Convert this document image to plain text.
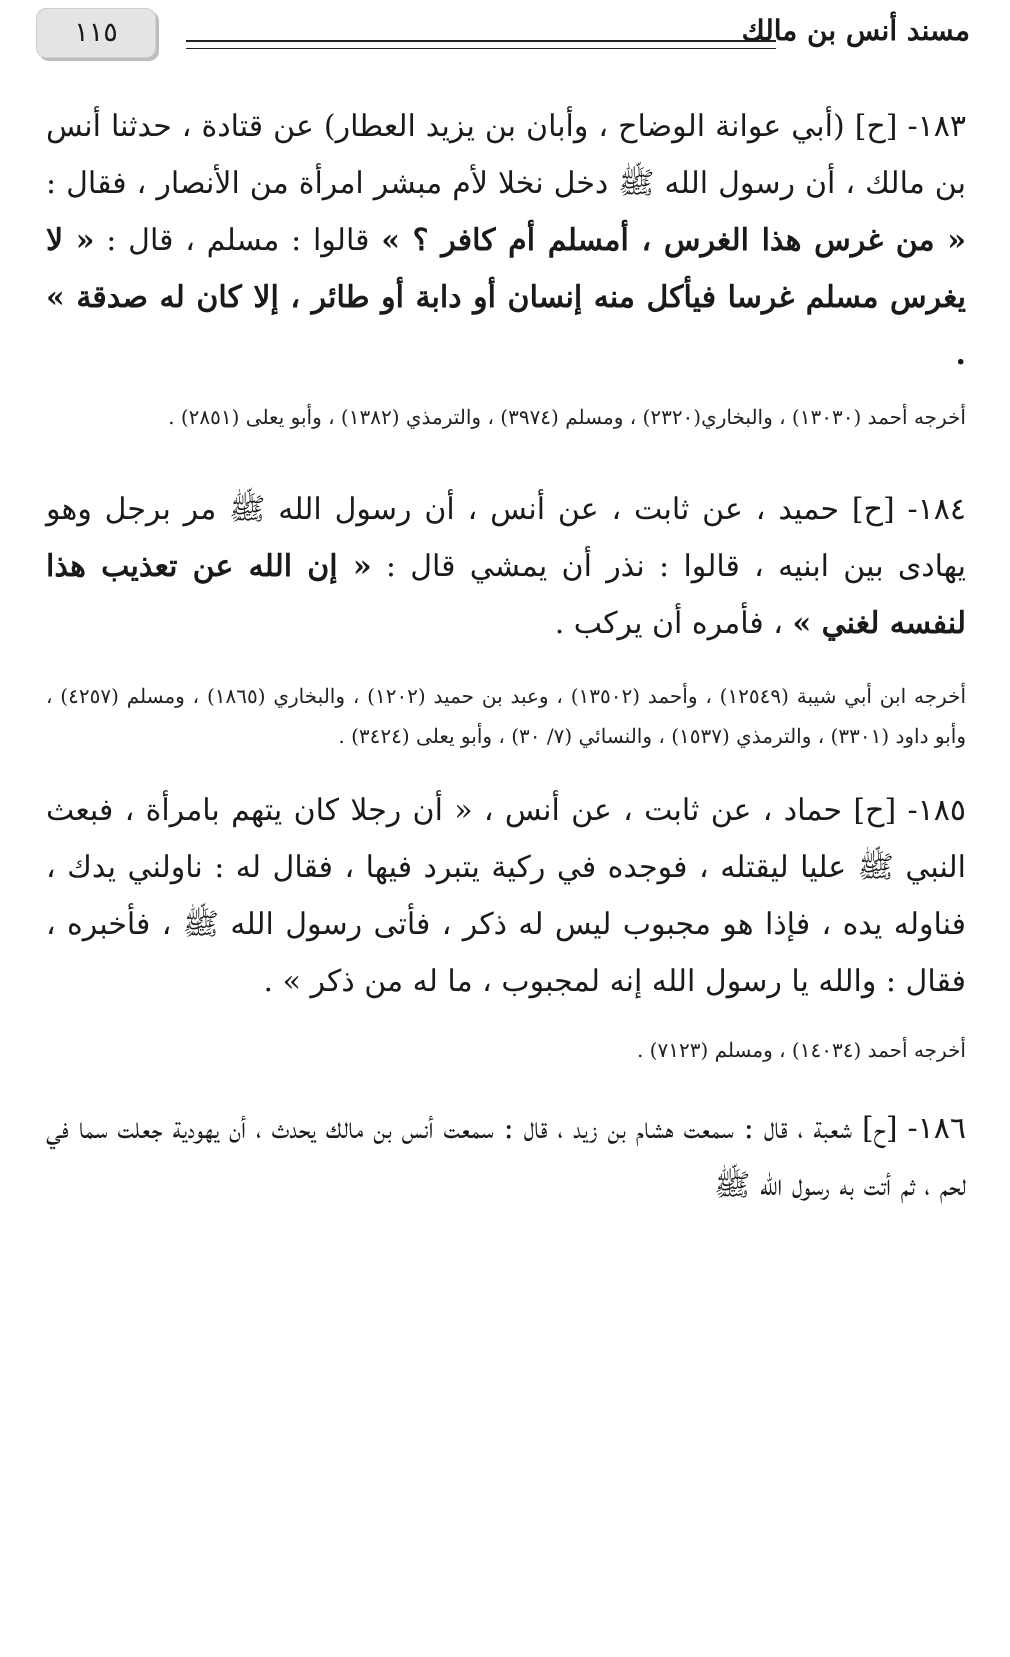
١١٥	مسند أنس بن مالك

١٨٣- [ح] (أبي عوانة الوضاح ، وأبان بن يزيد العطار) عن قتادة ، حدثنا أنس بن مالك ، أن رسول الله ﷺ دخل نخلا لأم مبشر امرأة من الأنصار ، فقال : « من غرس هذا الغرس ، أمسلم أم كافر ؟ » قالوا : مسلم ، قال : « لا يغرس مسلم غرسا فيأكل منه إنسان أو دابة أو طائر ، إلا كان له صدقة » .

أخرجه أحمد (١٣٠٣٠) ، والبخاري(٢٣٢٠) ، ومسلم (٣٩٧٤) ، والترمذي (١٣٨٢) ، وأبو يعلى (٢٨٥١) .

١٨٤- [ح] حميد ، عن ثابت ، عن أنس ، أن رسول الله ﷺ مر برجل وهو يهادى بين ابنيه ، قالوا : نذر أن يمشي قال : « إن الله عن تعذيب هذا لنفسه لغني » ، فأمره أن يركب .

أخرجه ابن أبي شيبة (١٢٥٤٩) ، وأحمد (١٣٥٠٢) ، وعبد بن حميد (١٢٠٢) ، والبخاري (١٨٦٥) ، ومسلم (٤٢٥٧) ، وأبو داود (٣٣٠١) ، والترمذي (١٥٣٧) ، والنسائي (٧/ ٣٠) ، وأبو يعلى (٣٤٢٤) .

١٨٥- [ح] حماد ، عن ثابت ، عن أنس ، « أن رجلا كان يتهم بامرأة ، فبعث النبي ﷺ عليا ليقتله ، فوجده في ركية يتبرد فيها ، فقال له : ناولني يدك ، فناوله يده ، فإذا هو مجبوب ليس له ذكر ، فأتى رسول الله ﷺ ، فأخبره ، فقال : والله يا رسول الله إنه لمجبوب ، ما له من ذكر » .

أخرجه أحمد (١٤٠٣٤) ، ومسلم (٧١٢٣) .

١٨٦- [ح] شعبة ، قال : سمعت هشام بن زيد ، قال : سمعت أنس بن مالك يحدث ، أن يهودية جعلت سما في لحم ، ثم أتت به رسول الله ﷺ
